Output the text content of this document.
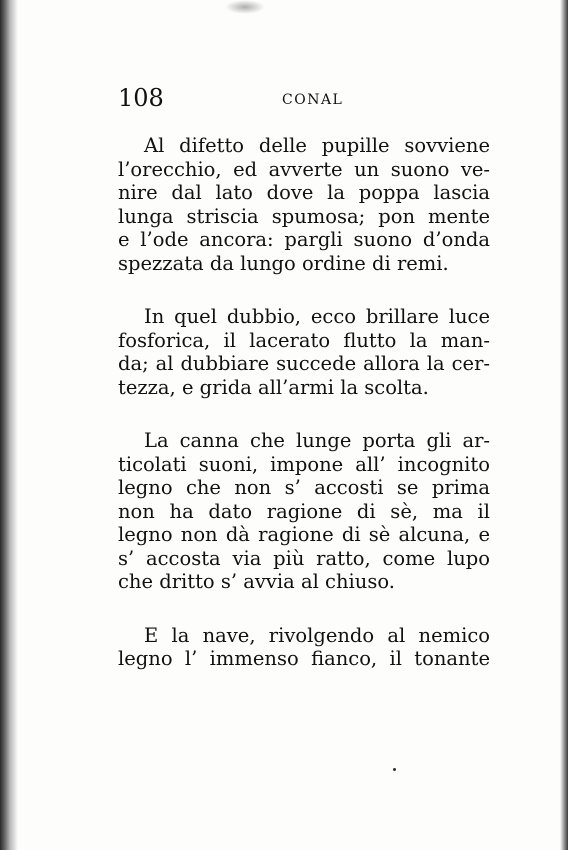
108	CONAL

Al difetto delle pupille sovviene
l’orecchio, ed avverte un suono ve-
nire dal lato dove la poppa lascia
lunga striscia spumosa; pon mente
e l’ode ancora: pargli suono d’onda
spezzata da lungo ordine di remi.

In quel dubbio, ecco brillare luce
fosforica, il lacerato flutto la man-
da; al dubbiare succede allora la cer-
tezza, e grida all’armi la scolta.

La canna che lunge porta gli ar-
ticolati suoni, impone all’ incognito
legno che non s’ accosti se prima
non ha dato ragione di sè, ma il
legno non dà ragione di sè alcuna, e
s’ accosta via più ratto, come lupo
che dritto s’ avvia al chiuso.

E la nave, rivolgendo al nemico
legno l’ immenso fianco, il tonante
